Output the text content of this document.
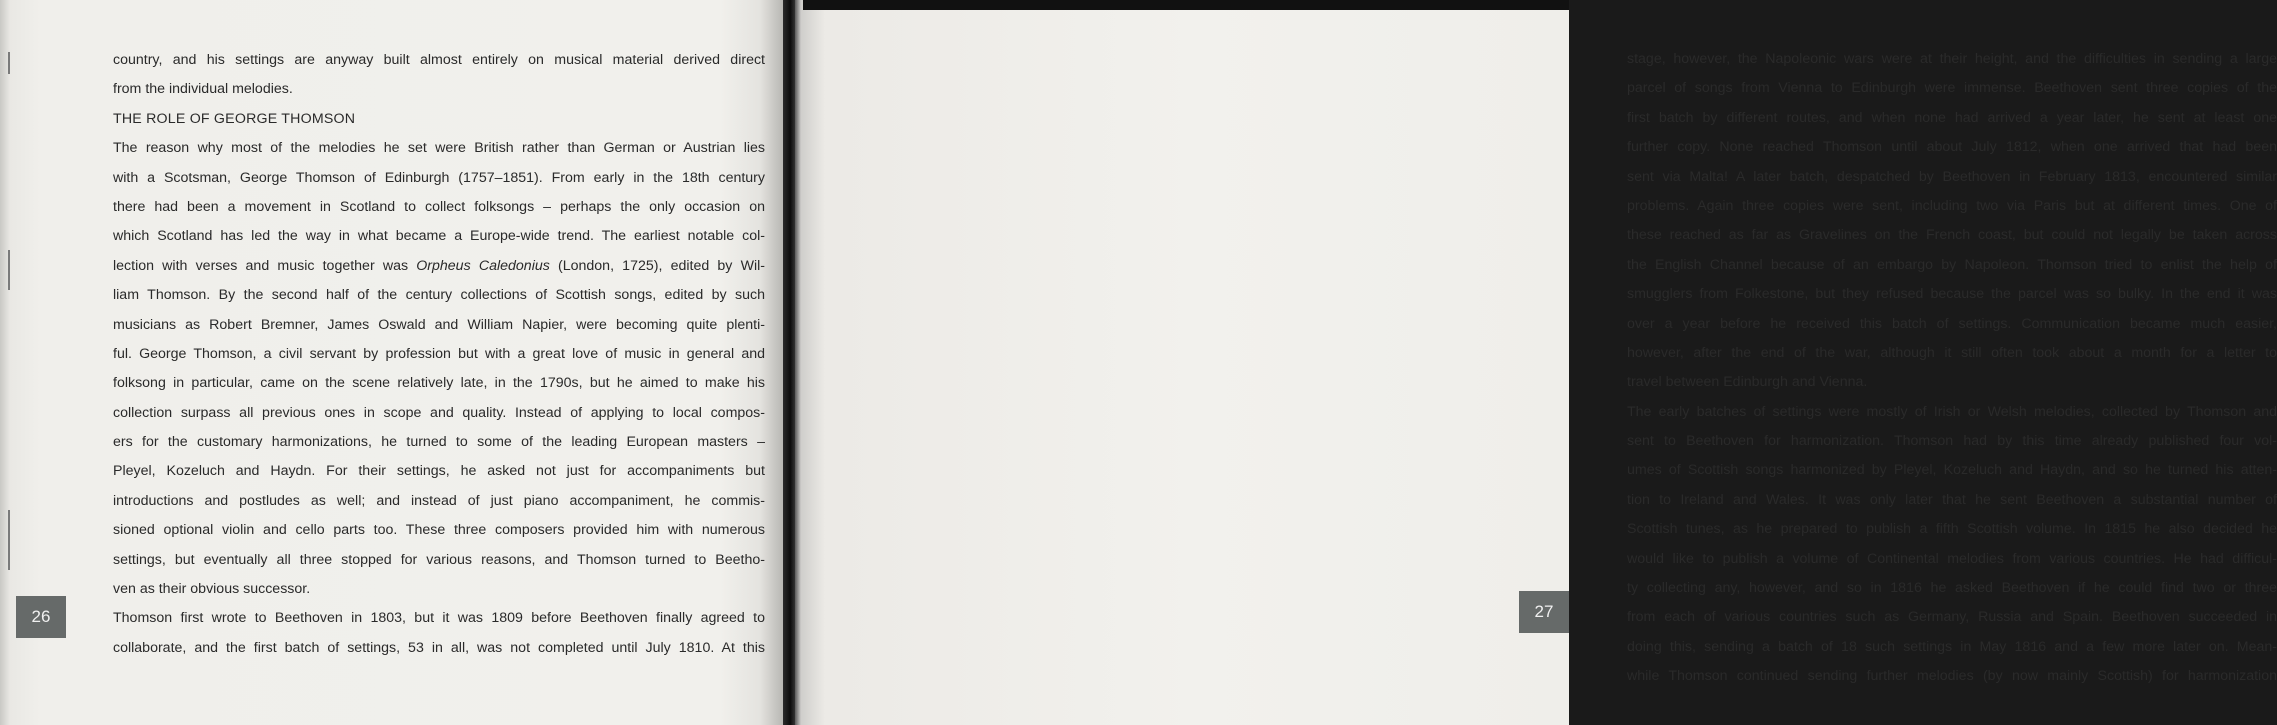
country, and his settings are anyway built almost entirely on musical material derived direct
from the individual melodies.
THE ROLE OF GEORGE THOMSON
The reason why most of the melodies he set were British rather than German or Austrian lies
with a Scotsman, George Thomson of Edinburgh (1757–1851). From early in the 18th century
there had been a movement in Scotland to collect folksongs – perhaps the only occasion on
which Scotland has led the way in what became a Europe-wide trend. The earliest notable col-
lection with verses and music together was Orpheus Caledonius (London, 1725), edited by Wil-
liam Thomson. By the second half of the century collections of Scottish songs, edited by such
musicians as Robert Bremner, James Oswald and William Napier, were becoming quite plenti-
ful. George Thomson, a civil servant by profession but with a great love of music in general and
folksong in particular, came on the scene relatively late, in the 1790s, but he aimed to make his
collection surpass all previous ones in scope and quality. Instead of applying to local compos-
ers for the customary harmonizations, he turned to some of the leading European masters –
Pleyel, Kozeluch and Haydn. For their settings, he asked not just for accompaniments but
introductions and postludes as well; and instead of just piano accompaniment, he commis-
sioned optional violin and cello parts too. These three composers provided him with numerous
settings, but eventually all three stopped for various reasons, and Thomson turned to Beetho-
ven as their obvious successor.
Thomson first wrote to Beethoven in 1803, but it was 1809 before Beethoven finally agreed to
collaborate, and the first batch of settings, 53 in all, was not completed until July 1810. At this
26
stage, however, the Napoleonic wars were at their height, and the difficulties in sending a large
parcel of songs from Vienna to Edinburgh were immense. Beethoven sent three copies of the
first batch by different routes, and when none had arrived a year later, he sent at least one
further copy. None reached Thomson until about July 1812, when one arrived that had been
sent via Malta! A later batch, despatched by Beethoven in February 1813, encountered similar
problems. Again three copies were sent, including two via Paris but at different times. One of
these reached as far as Gravelines on the French coast, but could not legally be taken across
the English Channel because of an embargo by Napoleon. Thomson tried to enlist the help of
smugglers from Folkestone, but they refused because the parcel was so bulky. In the end it was
over a year before he received this batch of settings. Communication became much easier,
however, after the end of the war, although it still often took about a month for a letter to
travel between Edinburgh and Vienna.
The early batches of settings were mostly of Irish or Welsh melodies, collected by Thomson and
sent to Beethoven for harmonization. Thomson had by this time already published four vol-
umes of Scottish songs harmonized by Pleyel, Kozeluch and Haydn, and so he turned his atten-
tion to Ireland and Wales. It was only later that he sent Beethoven a substantial number of
Scottish tunes, as he prepared to publish a fifth Scottish volume. In 1815 he also decided he
would like to publish a volume of Continental melodies from various countries. He had difficul-
ty collecting any, however, and so in 1816 he asked Beethoven if he could find two or three
from each of various countries such as Germany, Russia and Spain. Beethoven succeeded in
doing this, sending a batch of 18 such settings in May 1816 and a few more later on. Mean-
while Thomson continued sending further melodies (by now mainly Scottish) for harmonization
27
